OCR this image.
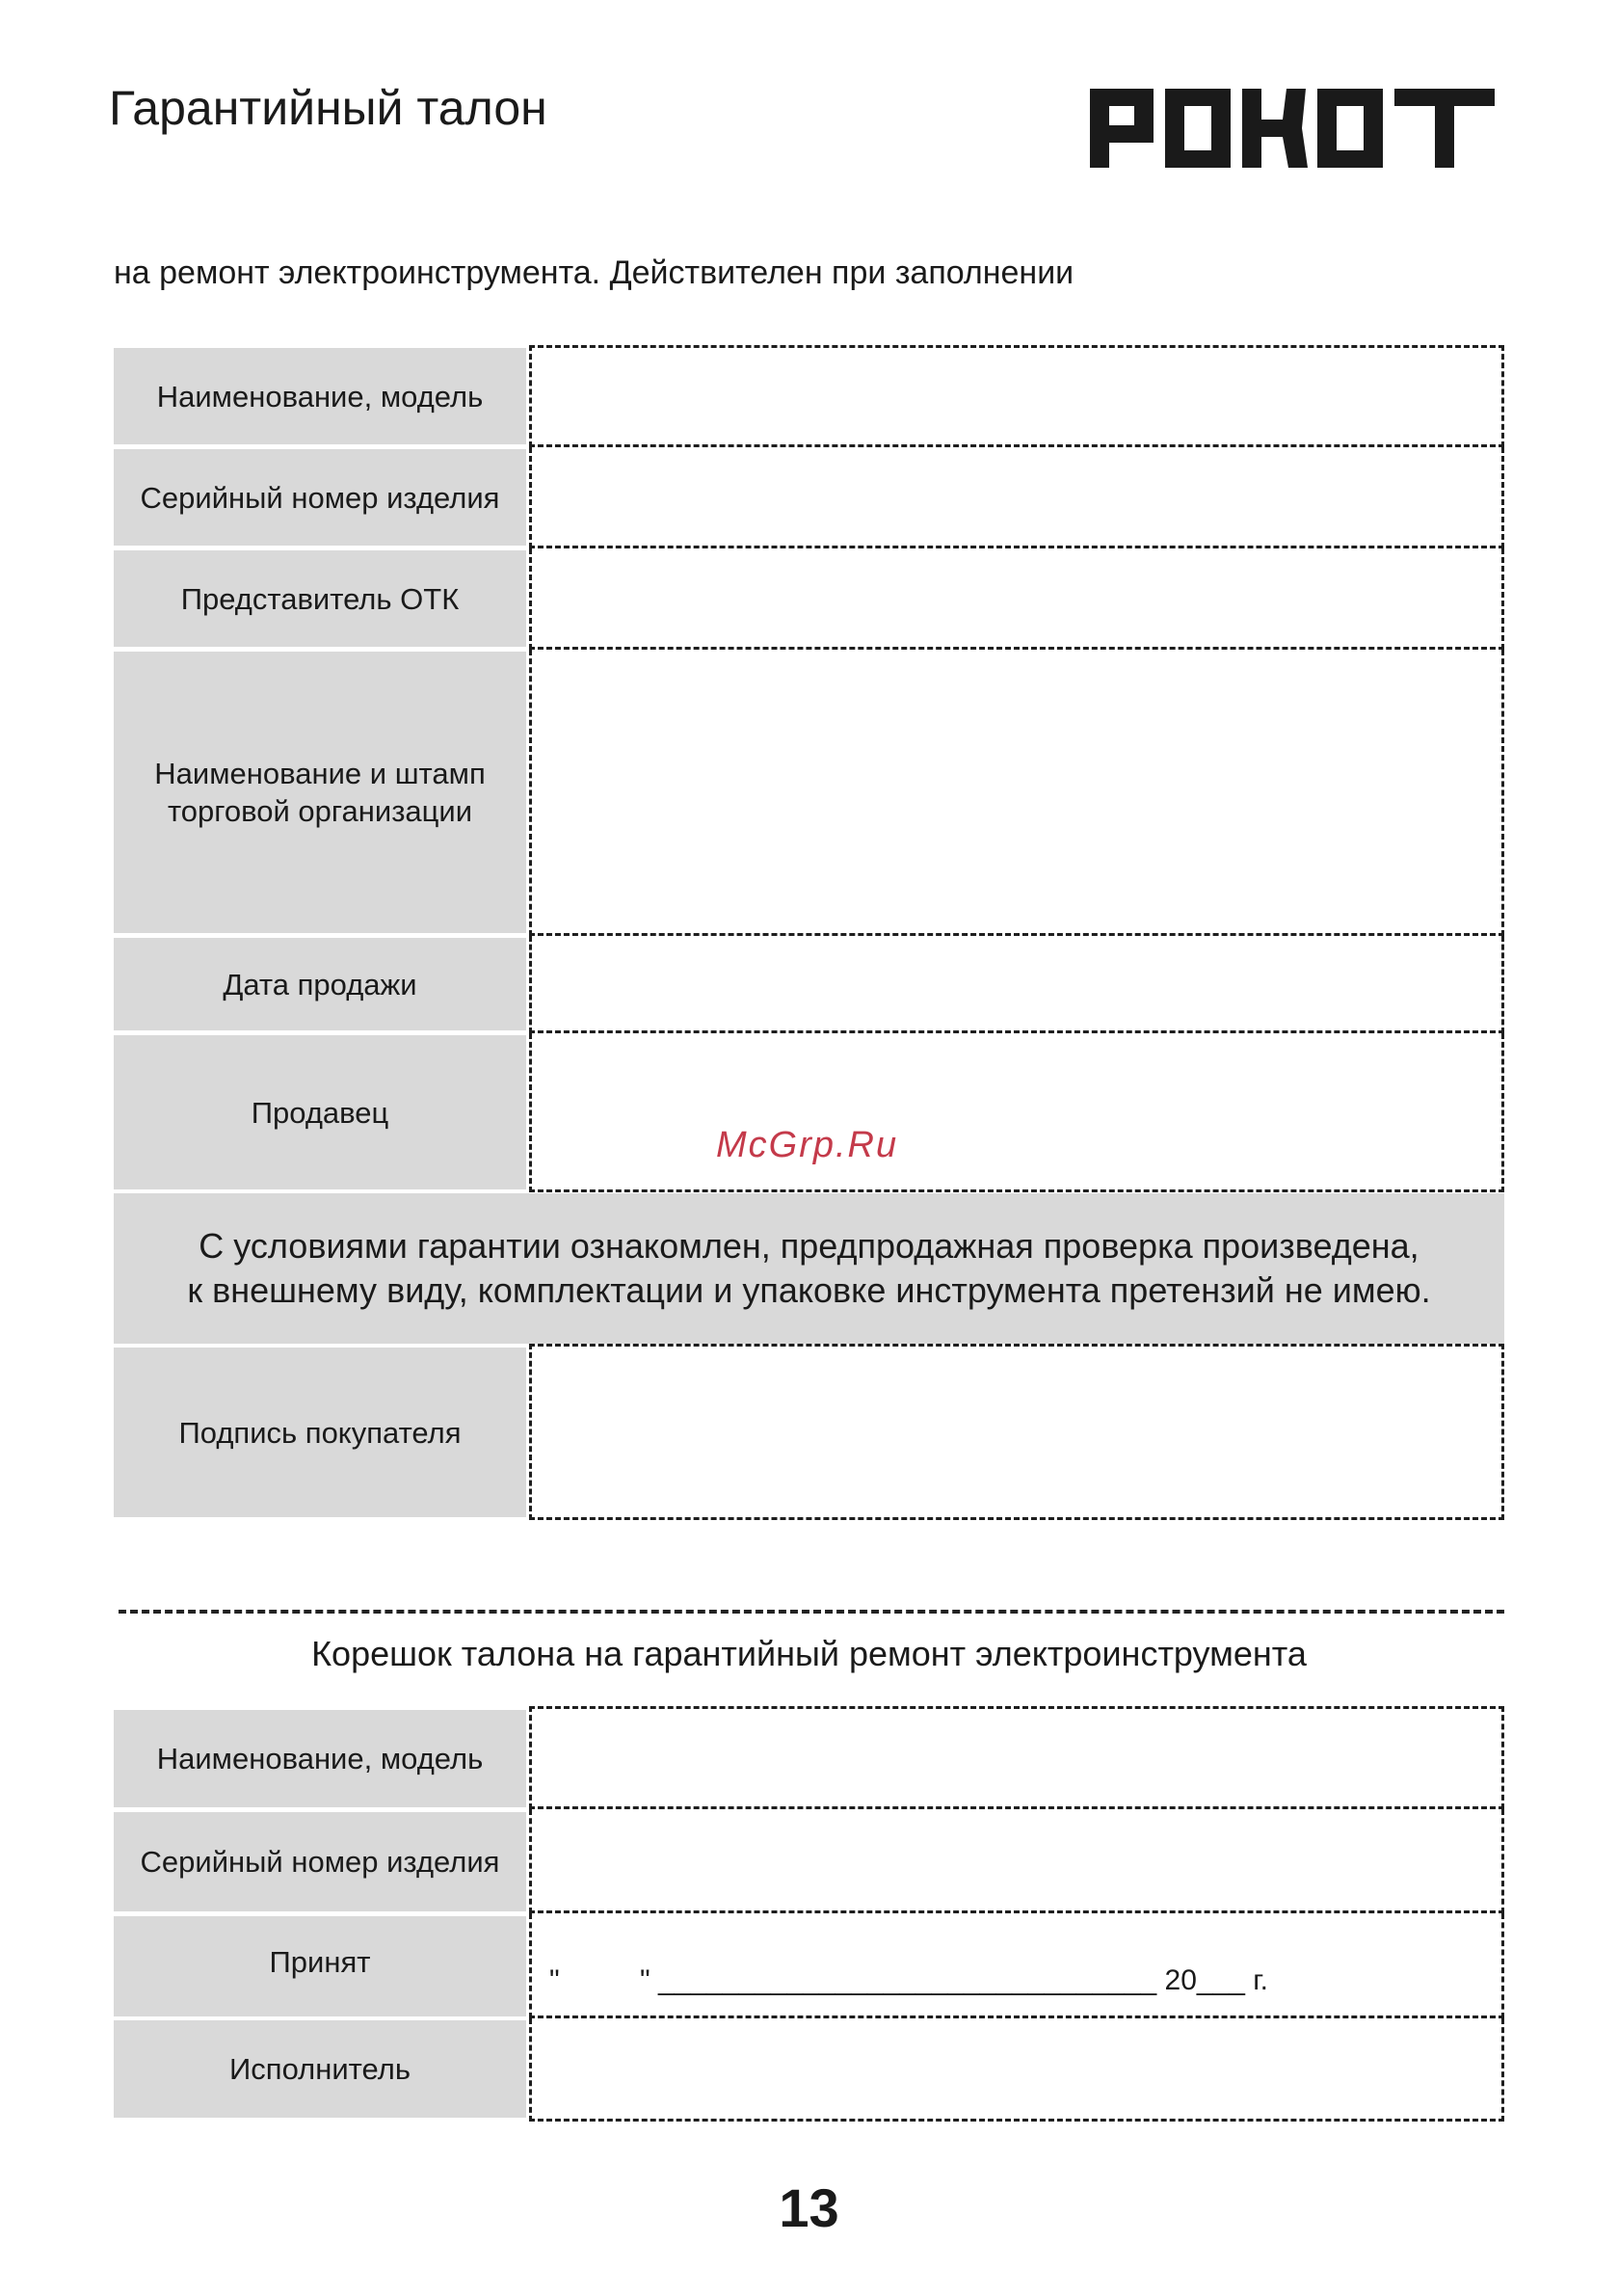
Гарантийный талон
на ремонт электроинструмента. Действителен при заполнении
Наименование, модель
Серийный номер изделия
Представитель ОТК
Наименование и штамп торговой организации
Дата продажи
Продавец
С условиями гарантии ознакомлен, предпродажная проверка произведена,
к внешнему виду, комплектации и упаковке инструмента претензий не имею.
Подпись покупателя
McGrp.Ru
Корешок талона на гарантийный ремонт электроинструмента
Наименование, модель
Серийный номер изделия
Принят
"          " _______________________________ 20___ г.
Исполнитель
13
